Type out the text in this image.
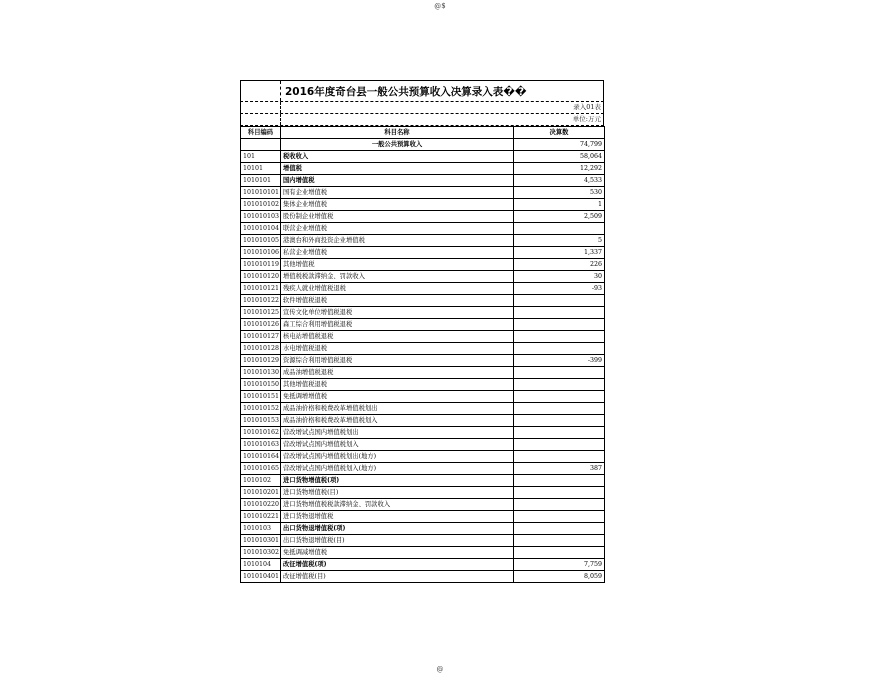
@$
2016年度奇台县一般公共预算收入决算录入表��
录入01表
单位:万元
科目编码	科目名称	决算数
	一般公共预算收入	74,799
101	税收收入	58,064
10101	增值税	12,292
1010101	国内增值税	4,533
101010101	国有企业增值税	530
101010102	集体企业增值税	1
101010103	股份制企业增值税	2,509
101010104	联营企业增值税	
101010105	港澳台和外商投资企业增值税	5
101010106	私营企业增值税	1,337
101010119	其他增值税	226
101010120	增值税税款滞纳金、罚款收入	30
101010121	残疾人就业增值税退税	-93
101010122	软件增值税退税	
101010125	宣传文化单位增值税退税	
101010126	森工综合利用增值税退税	
101010127	核电站增值税退税	
101010128	水电增值税退税	
101010129	资源综合利用增值税退税	-399
101010130	成品油增值税退税	
101010150	其他增值税退税	
101010151	免抵调增增值税	
101010152	成品油价格和税费改革增值税划出	
101010153	成品油价格和税费改革增值税划入	
101010162	营改增试点国内增值税划出	
101010163	营改增试点国内增值税划入	
101010164	营改增试点国内增值税划出(地方)	
101010165	营改增试点国内增值税划入(地方)	387
1010102	进口货物增值税(项)	
101010201	进口货物增值税(目)	
101010220	进口货物增值税税款滞纳金、罚款收入	
101010221	进口货物退增值税	
1010103	出口货物退增值税(项)	
101010301	出口货物退增值税(目)	
101010302	免抵调减增值税	
1010104	改征增值税(项)	7,759
101010401	改征增值税(目)	8,059
@
